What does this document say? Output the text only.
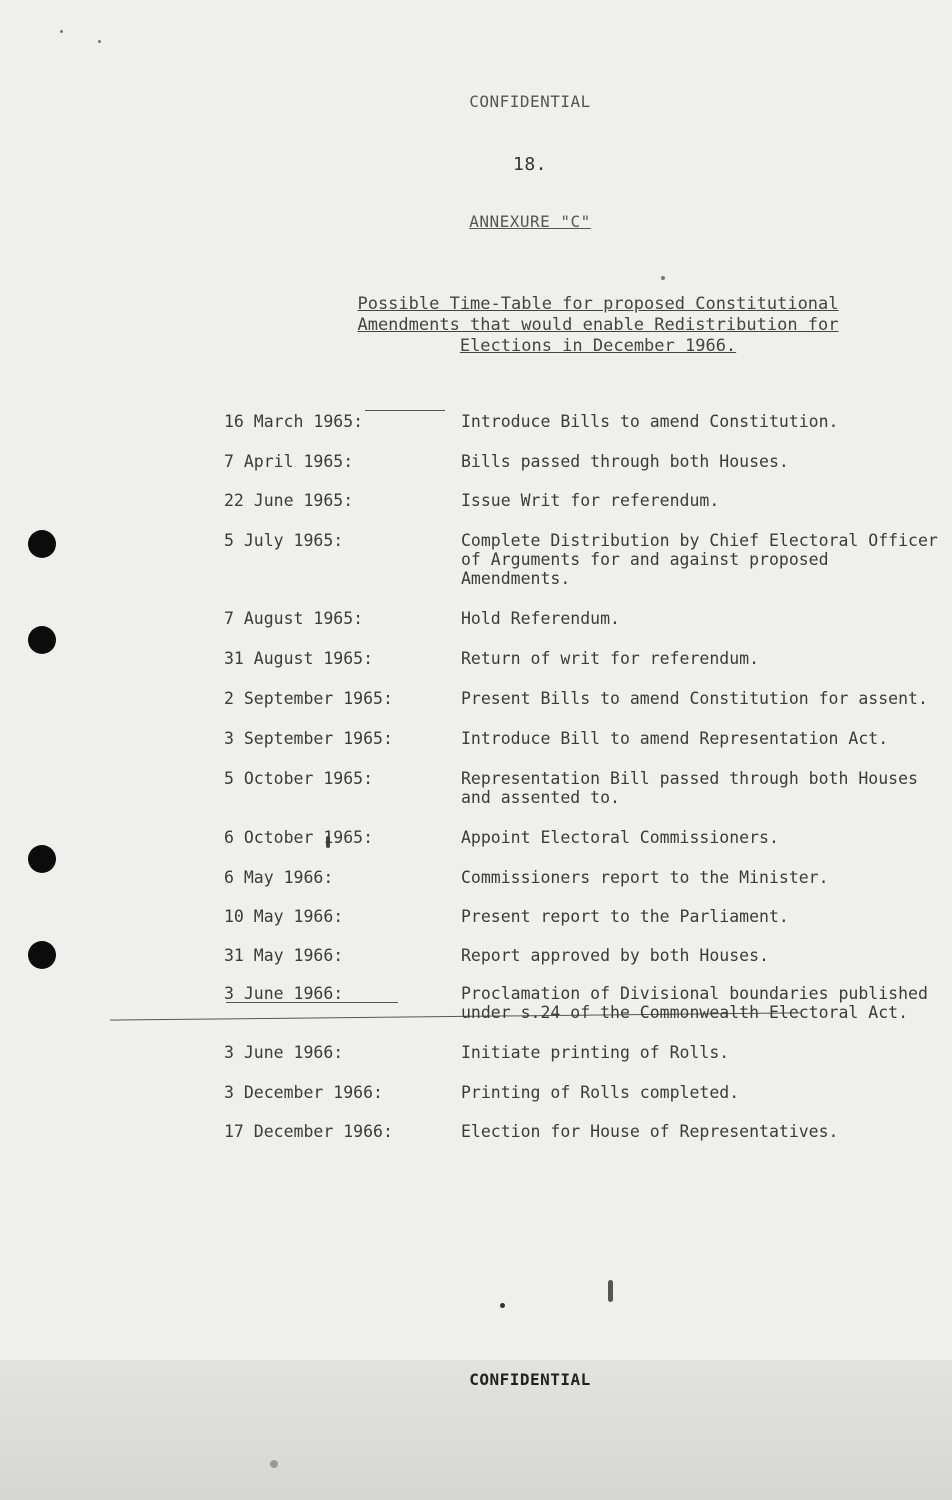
CONFIDENTIAL
18.
ANNEXURE "C"
Possible Time-Table for proposed Constitutional
Amendments that would enable Redistribution for
Elections in December 1966.
16 March 1965:	Introduce Bills to amend Constitution.
7 April 1965:	Bills passed through both Houses.
22 June 1965:	Issue Writ for referendum.
5 July 1965:	Complete Distribution by Chief Electoral Officer of Arguments for and against proposed Amendments.
7 August 1965:	Hold Referendum.
31 August 1965:	Return of writ for referendum.
2 September 1965:	Present Bills to amend Constitution for assent.
3 September 1965:	Introduce Bill to amend Representation Act.
5 October 1965:	Representation Bill passed through both Houses and assented to.
6 October 1965:	Appoint Electoral Commissioners.
6 May 1966:	Commissioners report to the Minister.
10 May 1966:	Present report to the Parliament.
31 May 1966:	Report approved by both Houses.
3 June 1966:	Proclamation of Divisional boundaries published under s.24 of the Commonwealth Electoral Act.
3 June 1966:	Initiate printing of Rolls.
3 December 1966:	Printing of Rolls completed.
17 December 1966:	Election for House of Representatives.
CONFIDENTIAL
